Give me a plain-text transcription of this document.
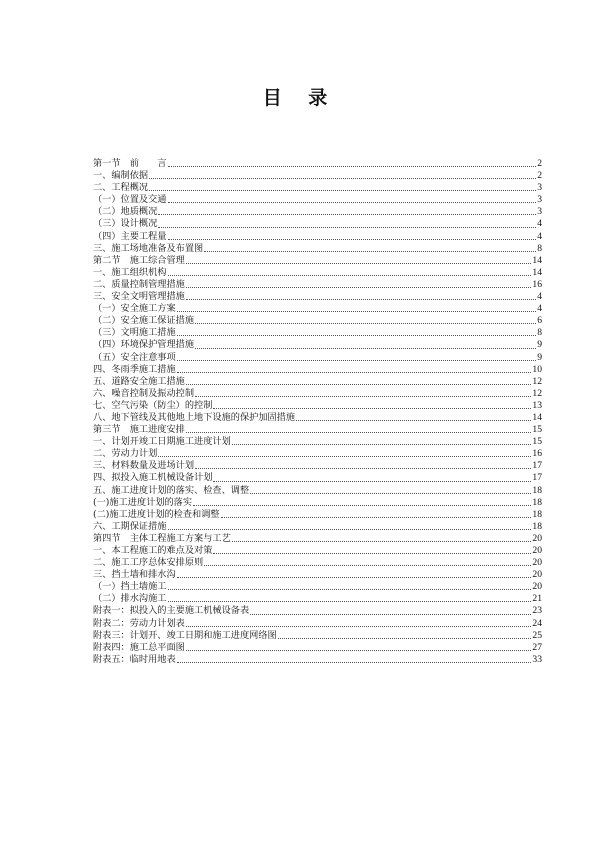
目 录
第一节　前　　言	2
一、编制依据	2
二、工程概况	3
（一）位置及交通	3
（二）地质概况	3
（三）设计概况	4
（四）主要工程量	4
三、施工场地准备及布置图	8
第二节　施工综合管理	14
一、施工组织机构	14
二、质量控制管理措施	16
三、安全文明管理措施	4
（一）安全施工方案	4
（二）安全施工保证措施	6
（三）文明施工措施	8
（四）环境保护管理措施	9
（五）安全注意事项	9
四、冬雨季施工措施	10
五、道路安全施工措施	12
六、噪音控制及振动控制	12
七、空气污染（防尘）的控制	13
八、地下管线及其他地上地下设施的保护加固措施	14
第三节　施工进度安排	15
一、计划开竣工日期施工进度计划	15
二、劳动力计划	16
三、材料数量及进场计划	17
四、拟投入施工机械设备计划	17
五、施工进度计划的落实、检查、调整	18
(一)施工进度计划的落实	18
(二)施工进度计划的检查和调整	18
六、工期保证措施	18
第四节　主体工程施工方案与工艺	20
一、本工程施工的难点及对策	20
二、施工工序总体安排原则	20
三、挡土墙和排水沟	20
（一）挡土墙施工	20
（二）排水沟施工	21
附表一：拟投入的主要施工机械设备表	23
附表二：劳动力计划表	24
附表三：计划开、竣工日期和施工进度网络图	25
附表四：施工总平面图	27
附表五：临时用地表	33
